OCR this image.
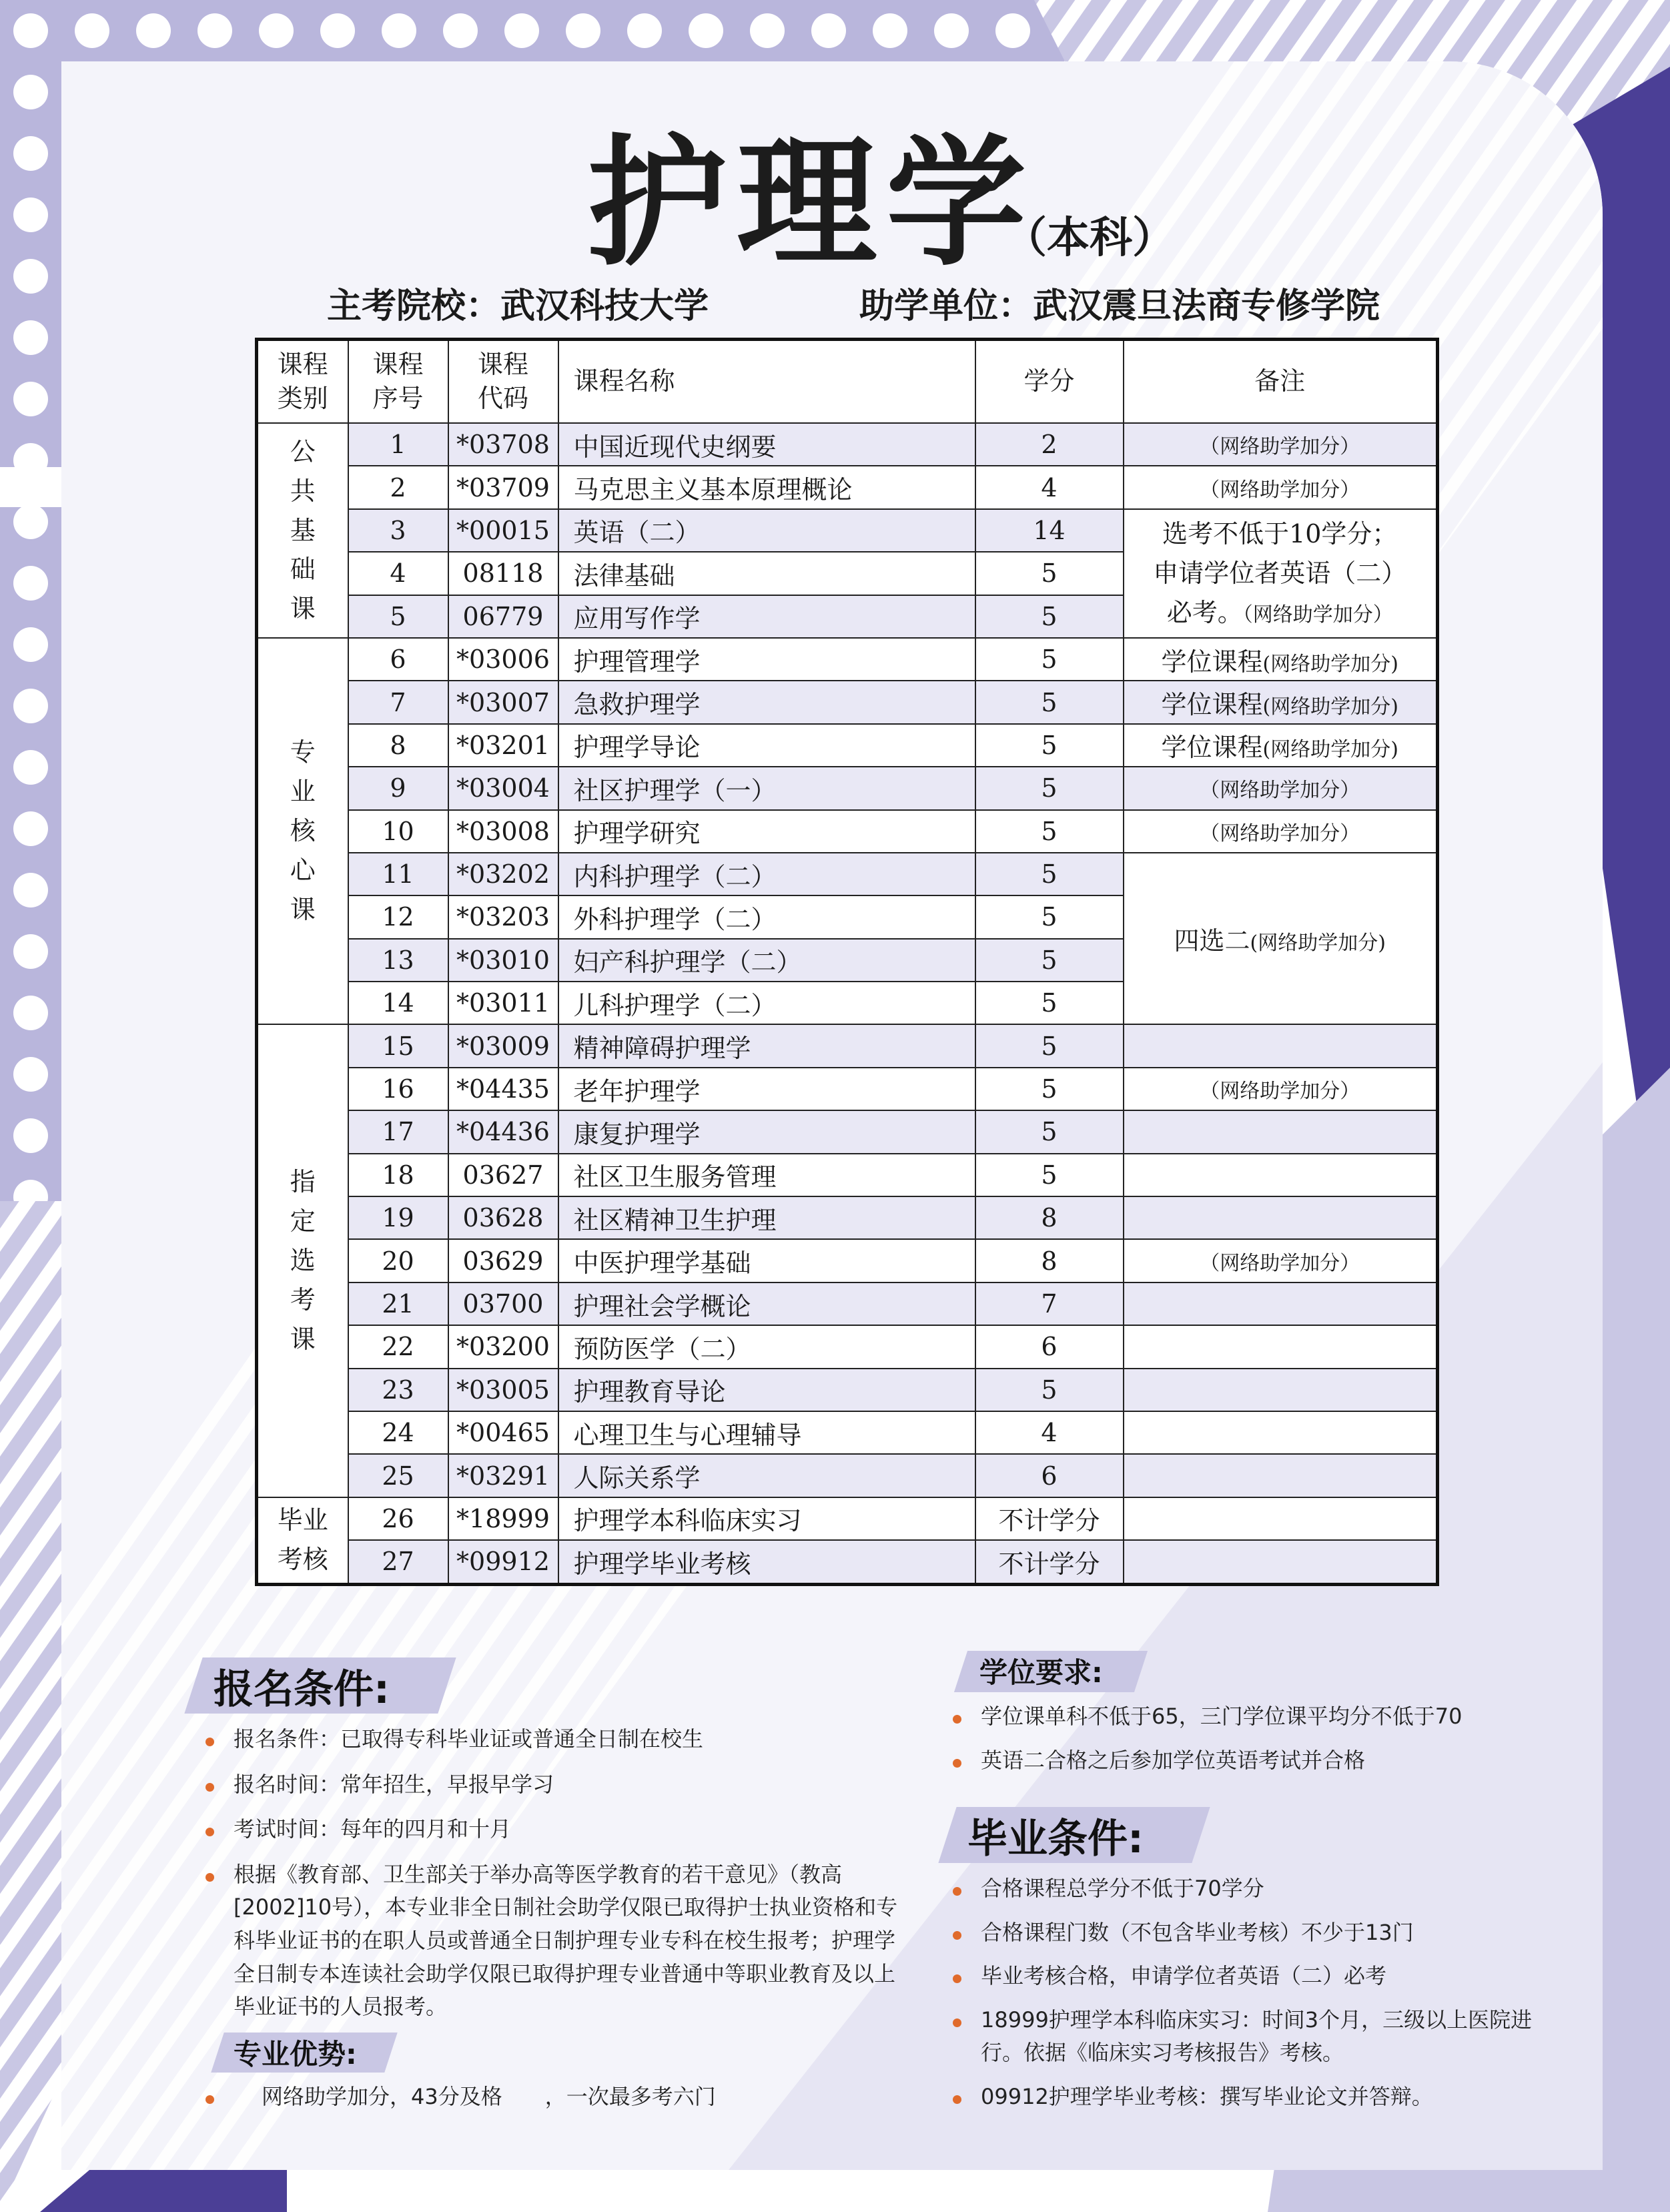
护理学
（本科）
主考院校：武汉科技大学	助学单位：武汉震旦法商专修学院
课程类别	课程序号	课程代码	课程名称	学分	备注
公共基础课	1	*03708	中国近现代史纲要	2	（网络助学加分）
	2	*03709	马克思主义基本原理概论	4	（网络助学加分）
	3	*00015	英语（二）	14	选考不低于10学分；
申请学位者英语（二）
必考。（网络助学加分）

	4	08118	法律基础	5	
	5	06779	应用写作学	5	
专业核心课	6	*03006	护理管理学	5	学位课程(网络助学加分)
	7	*03007	急救护理学	5	学位课程(网络助学加分)
	8	*03201	护理学导论	5	学位课程(网络助学加分)
	9	*03004	社区护理学（一）	5	（网络助学加分）
	10	*03008	护理学研究	5	（网络助学加分）
	11	*03202	内科护理学（二）	5	四选二(网络助学加分)
	12	*03203	外科护理学（二）	5	
	13	*03010	妇产科护理学（二）	5	
	14	*03011	儿科护理学（二）	5	
指定选考课	15	*03009	精神障碍护理学	5	
	16	*04435	老年护理学	5	（网络助学加分）
	17	*04436	康复护理学	5	
	18	03627	社区卫生服务管理	5	
	19	03628	社区精神卫生护理	8	
	20	03629	中医护理学基础	8	（网络助学加分）
	21	03700	护理社会学概论	7	
	22	*03200	预防医学（二）	6	
	23	*03005	护理教育导论	5	
	24	*00465	心理卫生与心理辅导	4	
	25	*03291	人际关系学	6	
毕业考核	26	*18999	护理学本科临床实习	不计学分	
	27	*09912	护理学毕业考核	不计学分	
报名条件:
报名条件：已取得专科毕业证或普通全日制在校生
报名时间：常年招生，早报早学习
考试时间：每年的四月和十月
根据《教育部、卫生部关于举办高等医学教育的若干意见》（教高[2002]10号），本专业非全日制社会助学仅限已取得护士执业资格和专科毕业证书的在职人员或普通全日制护理专业专科在校生报考；护理学全日制专本连读社会助学仅限已取得护理专业普通中等职业教育及以上毕业证书的人员报考。
专业优势:
网络助学加分，43分及格　　，一次最多考六门
学位要求:
学位课单科不低于65，三门学位课平均分不低于70
英语二合格之后参加学位英语考试并合格
毕业条件:
合格课程总学分不低于70学分
合格课程门数（不包含毕业考核）不少于13门
毕业考核合格，申请学位者英语（二）必考
18999护理学本科临床实习：时间3个月，三级以上医院进行。依据《临床实习考核报告》考核。
09912护理学毕业考核：撰写毕业论文并答辩。
